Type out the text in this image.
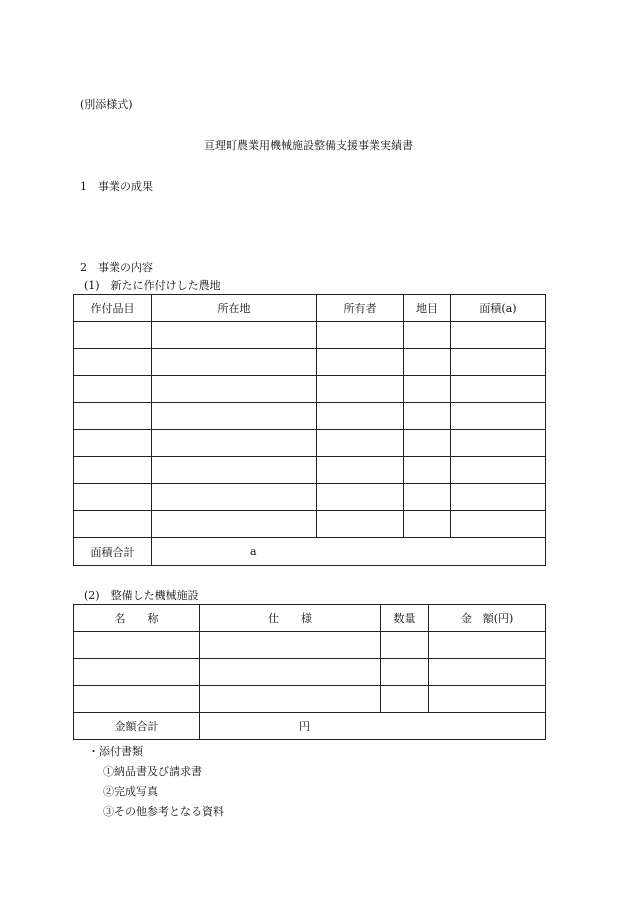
(別添様式)
亘理町農業用機械施設整備支援事業実績書
1　事業の成果
2　事業の内容
(1)　新たに作付けした農地
作付品目	所在地	所有者	地目	面積(a)

面積合計	a			
(2)　整備した機械施設
名　　称	仕　　様	数量	金　額(円)

金額合計	円		
・添付書類
①納品書及び請求書
②完成写真
③その他参考となる資料
